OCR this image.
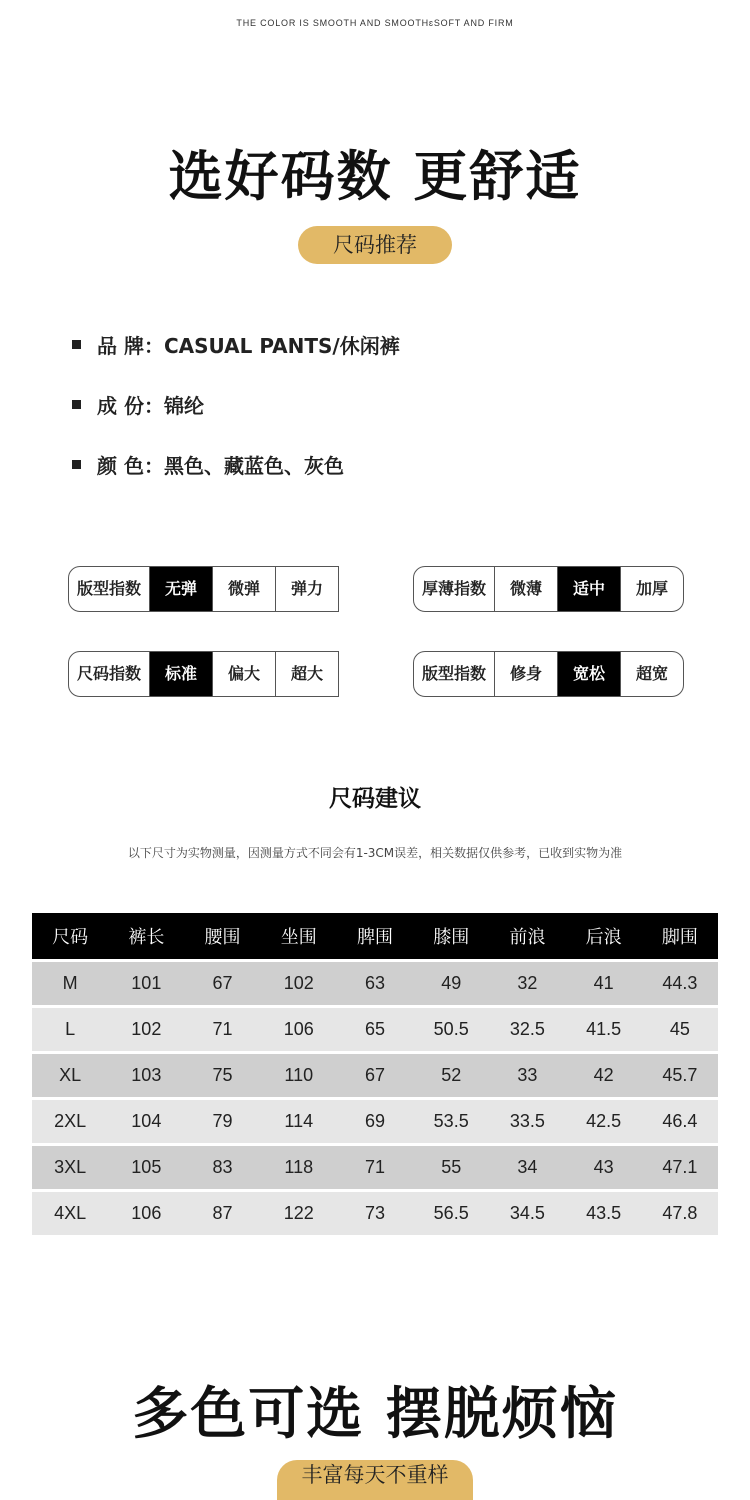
THE COLOR IS SMOOTH AND SMOOTHɛSOFT AND FIRM
选好码数 更舒适
尺码推荐
品 牌： CASUAL PANTS/休闲裤
成 份： 锦纶
颜 色： 黑色、藏蓝色、灰色
版型指数	无弹	微弹	弹力	厚薄指数	微薄	适中	加厚
尺码指数	标准	偏大	超大	版型指数	修身	宽松	超宽
尺码建议
以下尺寸为实物测量，因测量方式不同会有1-3CM误差，相关数据仅供参考，已收到实物为准
尺码	裤长	腰围	坐围	脾围	膝围	前浪	后浪	脚围
M	101	67	102	63	49	32	41	44.3
L	102	71	106	65	50.5	32.5	41.5	45
XL	103	75	110	67	52	33	42	45.7
2XL	104	79	114	69	53.5	33.5	42.5	46.4
3XL	105	83	118	71	55	34	43	47.1
4XL	106	87	122	73	56.5	34.5	43.5	47.8
多色可选 摆脱烦恼
丰富每天不重样
